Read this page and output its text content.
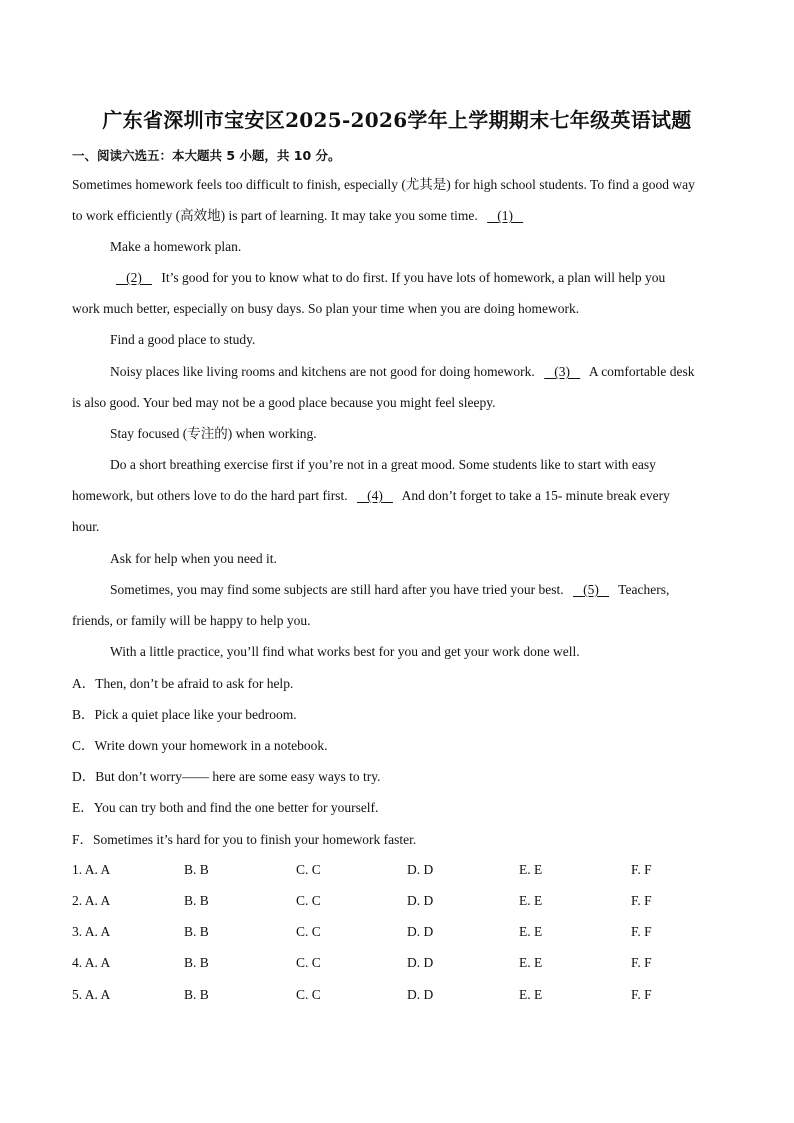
广东省深圳市宝安区2025-2026学年上学期期末七年级英语试题
一、阅读六选五：本大题共 5 小题，共 10 分。
Sometimes homework feels too difficult to finish, especially (尤其是) for high school students. To find a good way
to work efficiently (高效地) is part of learning. It may take you some time. (1)
Make a homework plan.
(2) It’s good for you to know what to do first. If you have lots of homework, a plan will help you
work much better, especially on busy days. So plan your time when you are doing homework.
Find a good place to study.
Noisy places like living rooms and kitchens are not good for doing homework. (3) A comfortable desk
is also good. Your bed may not be a good place because you might feel sleepy.
Stay focused (专注的) when working.
Do a short breathing exercise first if you’re not in a great mood. Some students like to start with easy
homework, but others love to do the hard part first. (4) And don’t forget to take a 15- minute break every
hour.
Ask for help when you need it.
Sometimes, you may find some subjects are still hard after you have tried your best. (5) Teachers,
friends, or family will be happy to help you.
With a little practice, you’ll find what works best for you and get your work done well.
A．Then, don’t be afraid to ask for help.
B．Pick a quiet place like your bedroom.
C．Write down your homework in a notebook.
D．But don’t worry—— here are some easy ways to try.
E．You can try both and find the one better for yourself.
F．Sometimes it’s hard for you to finish your homework faster.
1. A. A	B. B	C. C	D. D	E. E	F. F
2. A. A	B. B	C. C	D. D	E. E	F. F
3. A. A	B. B	C. C	D. D	E. E	F. F
4. A. A	B. B	C. C	D. D	E. E	F. F
5. A. A	B. B	C. C	D. D	E. E	F. F
